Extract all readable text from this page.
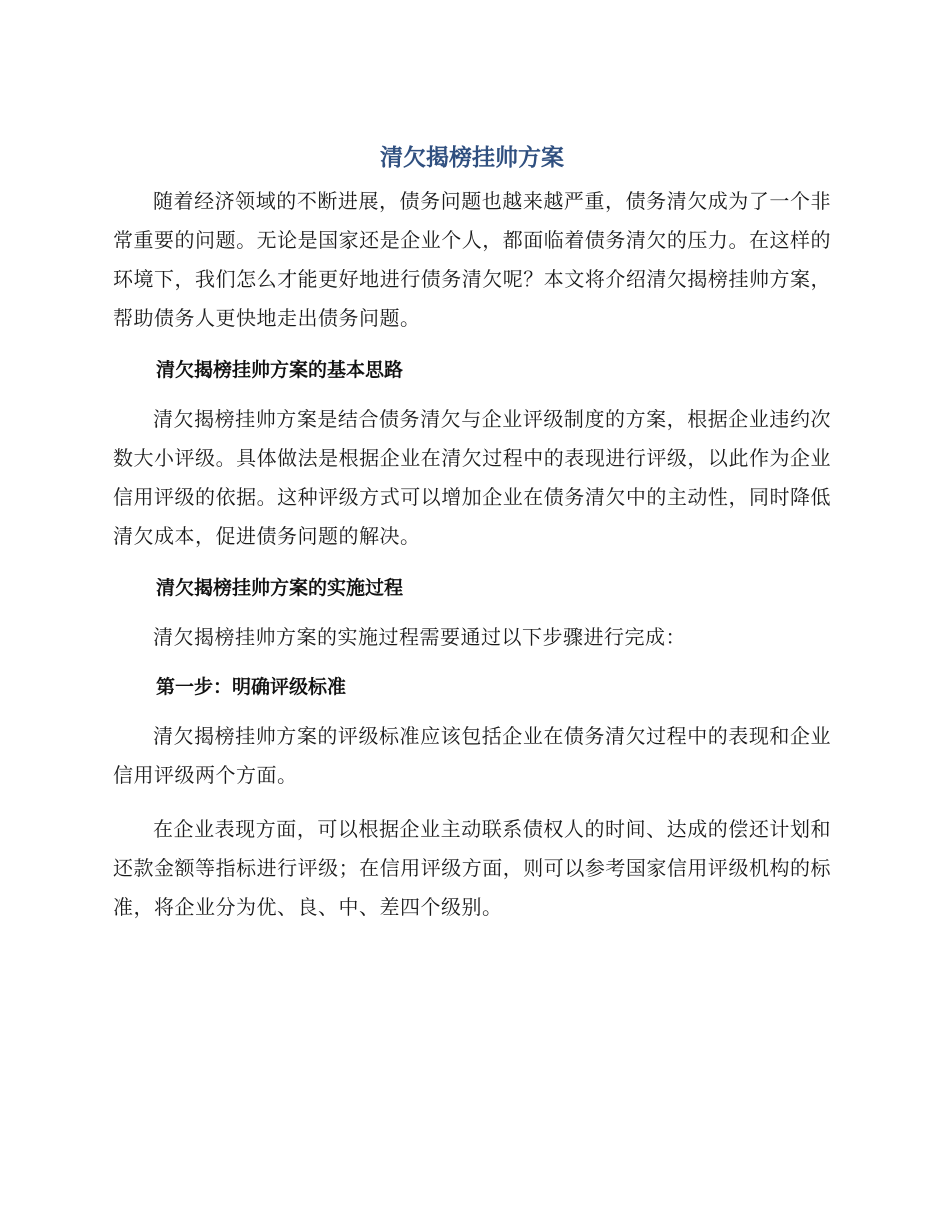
清欠揭榜挂帅方案

随着经济领域的不断进展，债务问题也越来越严重，债务清欠成为了一个非常重要的问题。无论是国家还是企业个人，都面临着债务清欠的压力。在这样的环境下，我们怎么才能更好地进行债务清欠呢？本文将介绍清欠揭榜挂帅方案，帮助债务人更快地走出债务问题。

清欠揭榜挂帅方案的基本思路

清欠揭榜挂帅方案是结合债务清欠与企业评级制度的方案，根据企业违约次数大小评级。具体做法是根据企业在清欠过程中的表现进行评级，以此作为企业信用评级的依据。这种评级方式可以增加企业在债务清欠中的主动性，同时降低清欠成本，促进债务问题的解决。

清欠揭榜挂帅方案的实施过程

清欠揭榜挂帅方案的实施过程需要通过以下步骤进行完成：

第一步：明确评级标准

清欠揭榜挂帅方案的评级标准应该包括企业在债务清欠过程中的表现和企业信用评级两个方面。

在企业表现方面，可以根据企业主动联系债权人的时间、达成的偿还计划和还款金额等指标进行评级；在信用评级方面，则可以参考国家信用评级机构的标准，将企业分为优、良、中、差四个级别。
